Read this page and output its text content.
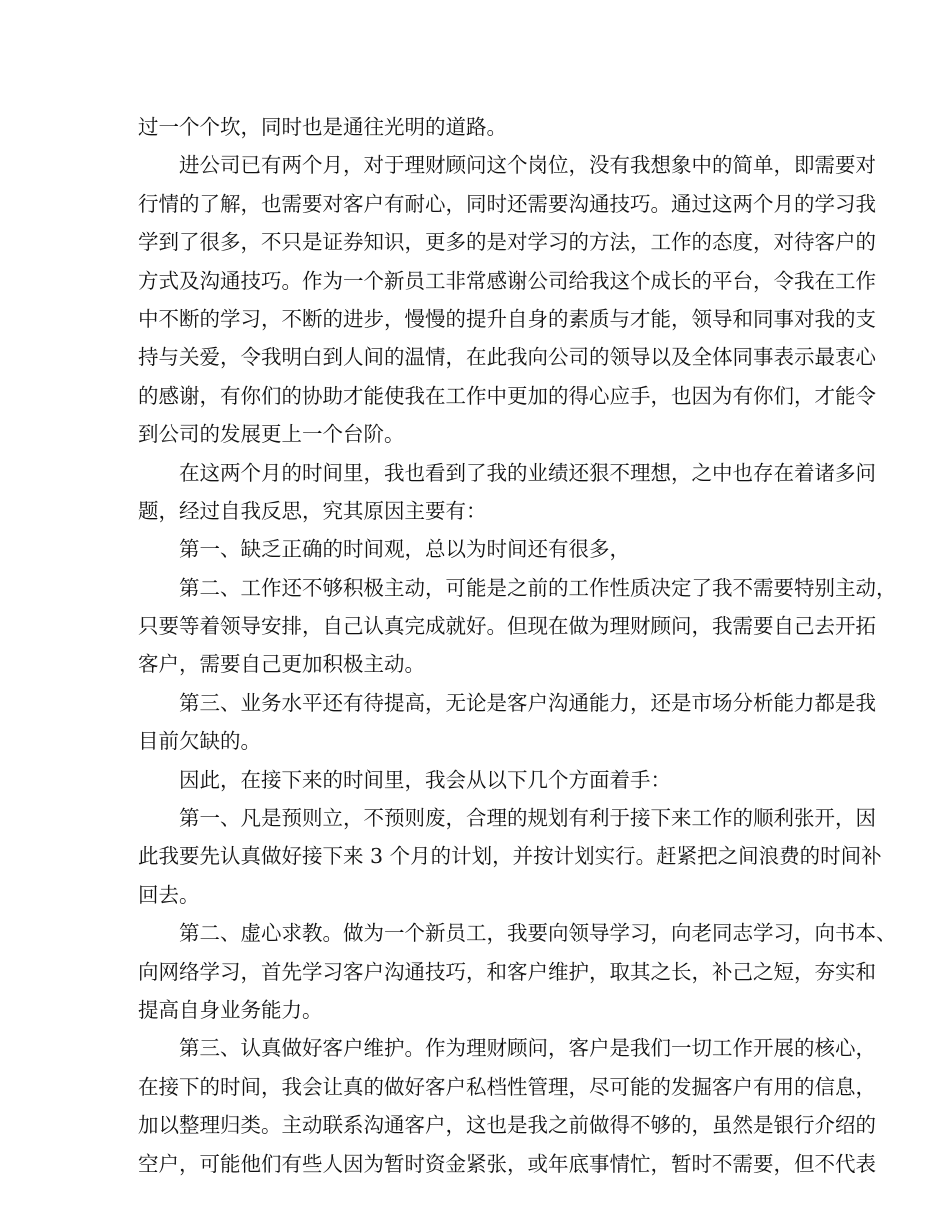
过一个个坎，同时也是通往光明的道路。
进公司已有两个月，对于理财顾问这个岗位，没有我想象中的简单，即需要对
行情的了解，也需要对客户有耐心，同时还需要沟通技巧。通过这两个月的学习我
学到了很多，不只是证券知识，更多的是对学习的方法，工作的态度，对待客户的
方式及沟通技巧。作为一个新员工非常感谢公司给我这个成长的平台，令我在工作
中不断的学习，不断的进步，慢慢的提升自身的素质与才能，领导和同事对我的支
持与关爱，令我明白到人间的温情，在此我向公司的领导以及全体同事表示最衷心
的感谢，有你们的协助才能使我在工作中更加的得心应手，也因为有你们，才能令
到公司的发展更上一个台阶。
在这两个月的时间里，我也看到了我的业绩还狠不理想，之中也存在着诸多问
题，经过自我反思，究其原因主要有：
第一、缺乏正确的时间观，总以为时间还有很多，
第二、工作还不够积极主动，可能是之前的工作性质决定了我不需要特别主动，
只要等着领导安排，自己认真完成就好。但现在做为理财顾问，我需要自己去开拓
客户，需要自己更加积极主动。
第三、业务水平还有待提高，无论是客户沟通能力，还是市场分析能力都是我
目前欠缺的。
因此，在接下来的时间里，我会从以下几个方面着手：
第一、凡是预则立，不预则废，合理的规划有利于接下来工作的顺利张开，因
此我要先认真做好接下来 3 个月的计划，并按计划实行。赶紧把之间浪费的时间补
回去。
第二、虚心求教。做为一个新员工，我要向领导学习，向老同志学习，向书本、
向网络学习，首先学习客户沟通技巧，和客户维护，取其之长，补己之短，夯实和
提高自身业务能力。
第三、认真做好客户维护。作为理财顾问，客户是我们一切工作开展的核心，
在接下的时间，我会让真的做好客户私档性管理，尽可能的发掘客户有用的信息，
加以整理归类。主动联系沟通客户，这也是我之前做得不够的，虽然是银行介绍的
空户，可能他们有些人因为暂时资金紧张，或年底事情忙，暂时不需要，但不代表
